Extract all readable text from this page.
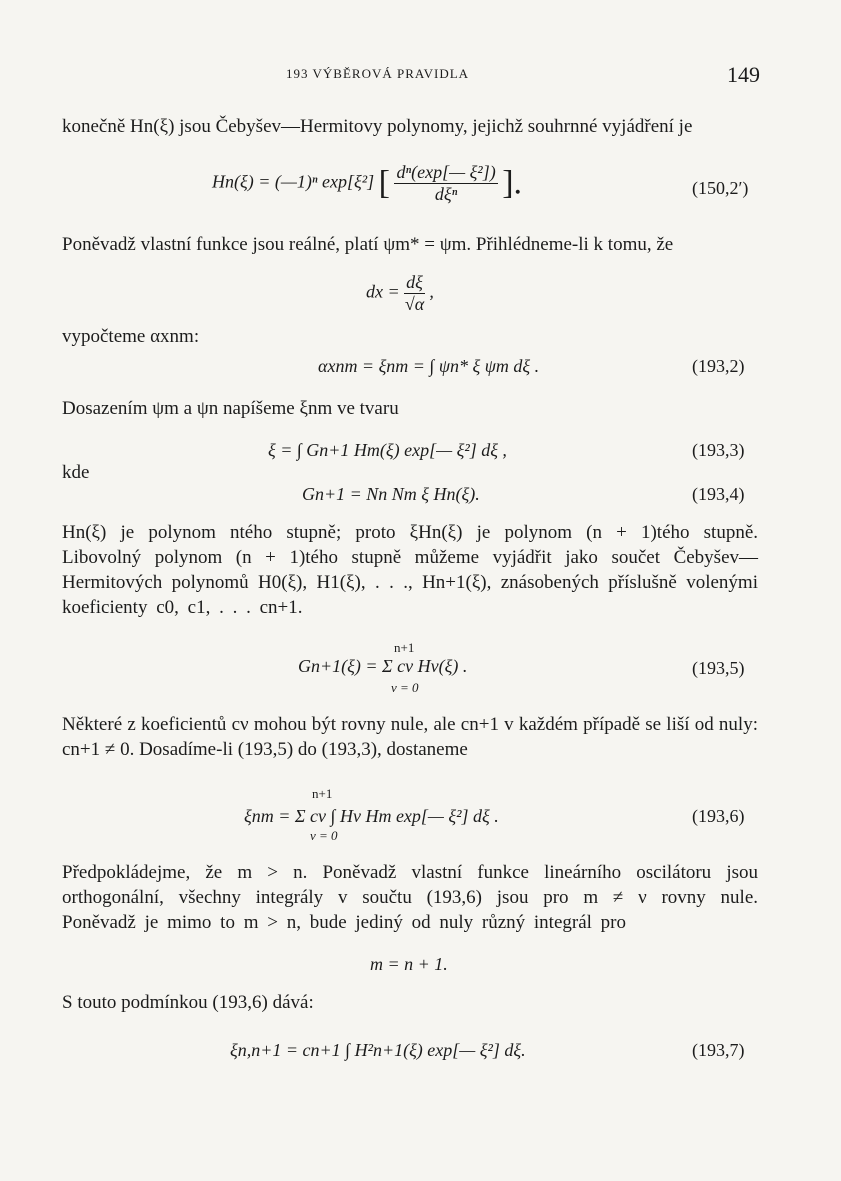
193 VÝBĚROVÁ PRAVIDLA	149
konečně Hn(ξ) jsou Čebyšev—Hermitovy polynomy, jejichž souhrnné vyjádření je
Hn(ξ) = (—1)ⁿ exp[ξ²] [ $\frac{\text{dⁿ(exp[— ξ²])}}{\text{dξⁿ}}$ ].	(150,2′)
Poněvadž vlastní funkce jsou reálné, platí ψm* = ψm. Přihlédneme-li k tomu, že
dx = $\frac{d\xi}{√\alpha}$ ,
vypočteme αxnm:
αxnm = ξnm = ∫ ψn* ξ ψm dξ .	(193,2)
Dosazením ψm a ψn napíšeme ξnm ve tvaru
ξ = ∫ Gn+1 Hm(ξ) exp[— ξ²] dξ ,	(193,3)
kde
Gn+1 = Nn Nm ξ Hn(ξ).	(193,4)
Hn(ξ) je polynom ntého stupně; proto ξHn(ξ) je polynom (n + 1)tého stupně. Libovolný polynom (n + 1)tého stupně můžeme vyjádřit jako součet Čebyšev—Hermitových polynomů H0(ξ), H1(ξ), . . ., Hn+1(ξ), znásobených příslušně volenými koeficienty c0, c1, . . . cn+1.
n+1
Gn+1(ξ) = Σ cν Hν(ξ) .
ν = 0
(193,5)
Některé z koeficientů cν mohou být rovny nule, ale cn+1 v každém případě se liší od nuly: cn+1 ≠ 0. Dosadíme-li (193,5) do (193,3), dostaneme
n+1
ξnm = Σ cν ∫ Hν Hm exp[— ξ²] dξ .
ν = 0
(193,6)
Předpokládejme, že m > n. Poněvadž vlastní funkce lineárního oscilátoru jsou orthogonální, všechny integrály v součtu (193,6) jsou pro m ≠ ν rovny nule. Poněvadž je mimo to m > n, bude jediný od nuly různý integrál pro
m = n + 1.
S touto podmínkou (193,6) dává:
ξn,n+1 = cn+1 ∫ H²n+1(ξ) exp[— ξ²] dξ.	(193,7)
